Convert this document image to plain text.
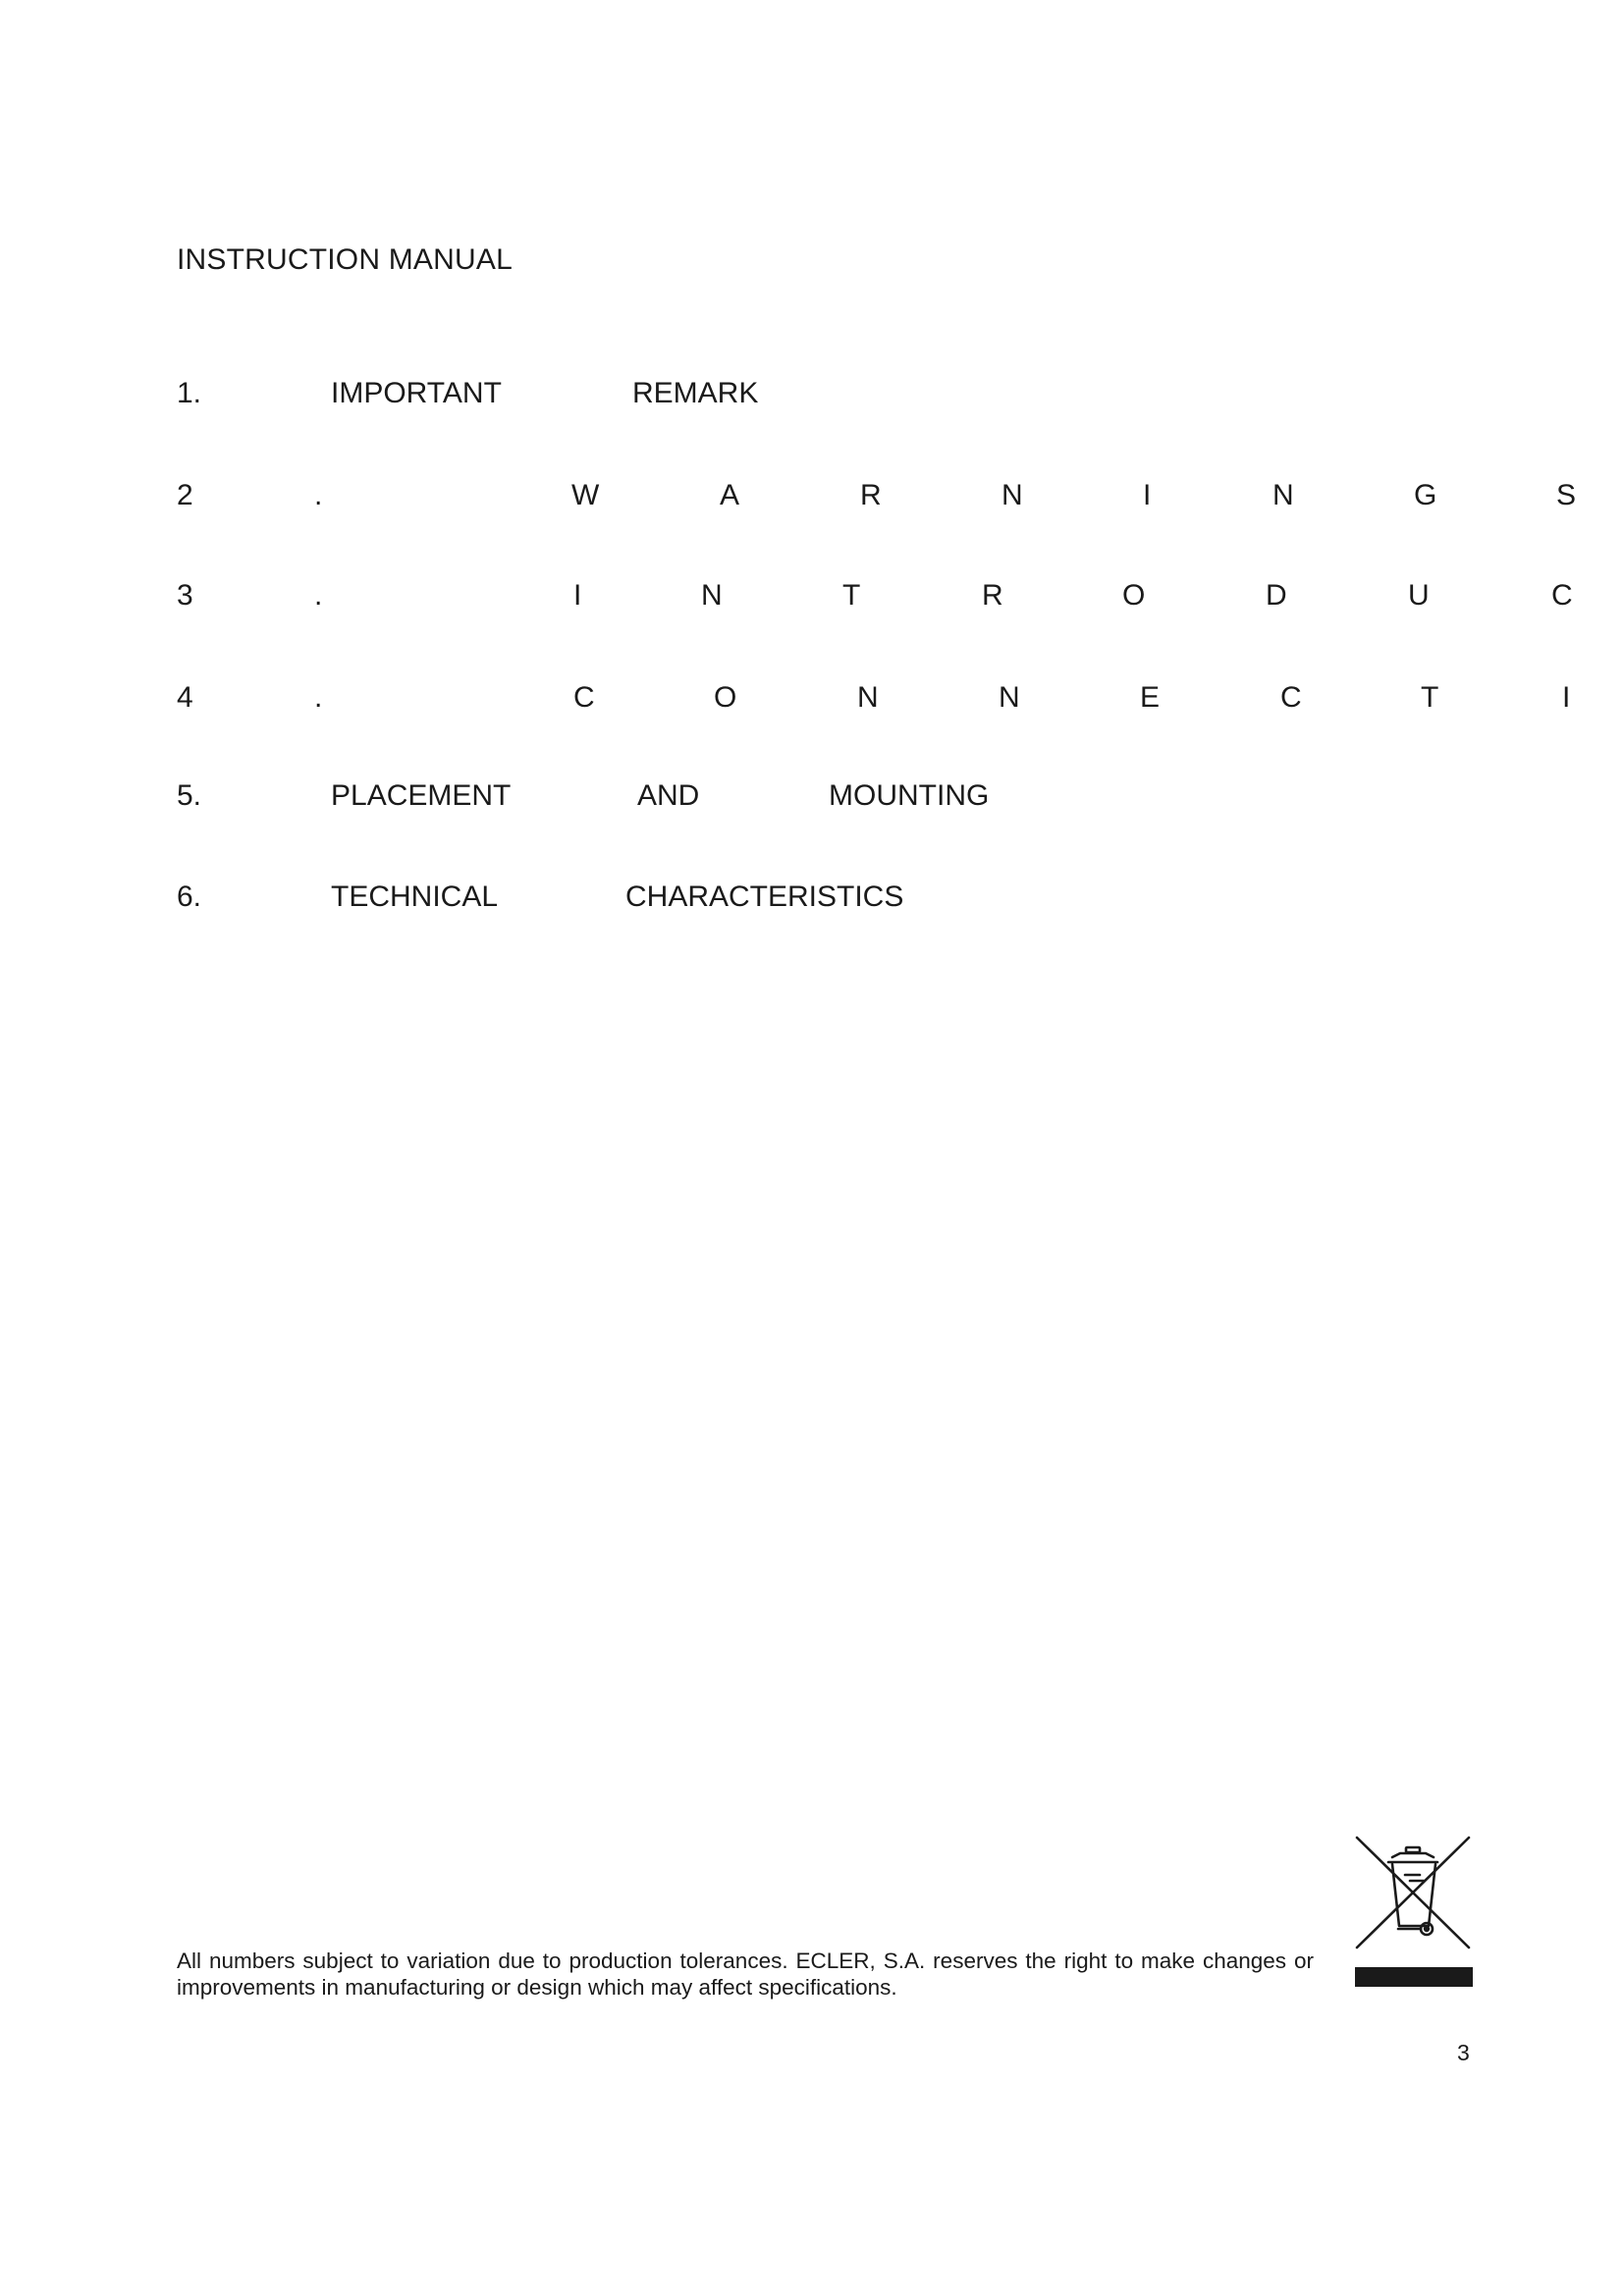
INSTRUCTION MANUAL
1.	IMPORTANT	REMARK
2	.	W	A	R	N	I	N	G	S
3	.	I	N	T	R	O	D	U	C
4	.	C	O	N	N	E	C	T	I
5.	PLACEMENT	AND	MOUNTING
6.	TECHNICAL	CHARACTERISTICS
All numbers subject to variation due to production tolerances. ECLER, S.A. reserves the right to make changes or improvements in manufacturing or design which may affect specifications.
3
